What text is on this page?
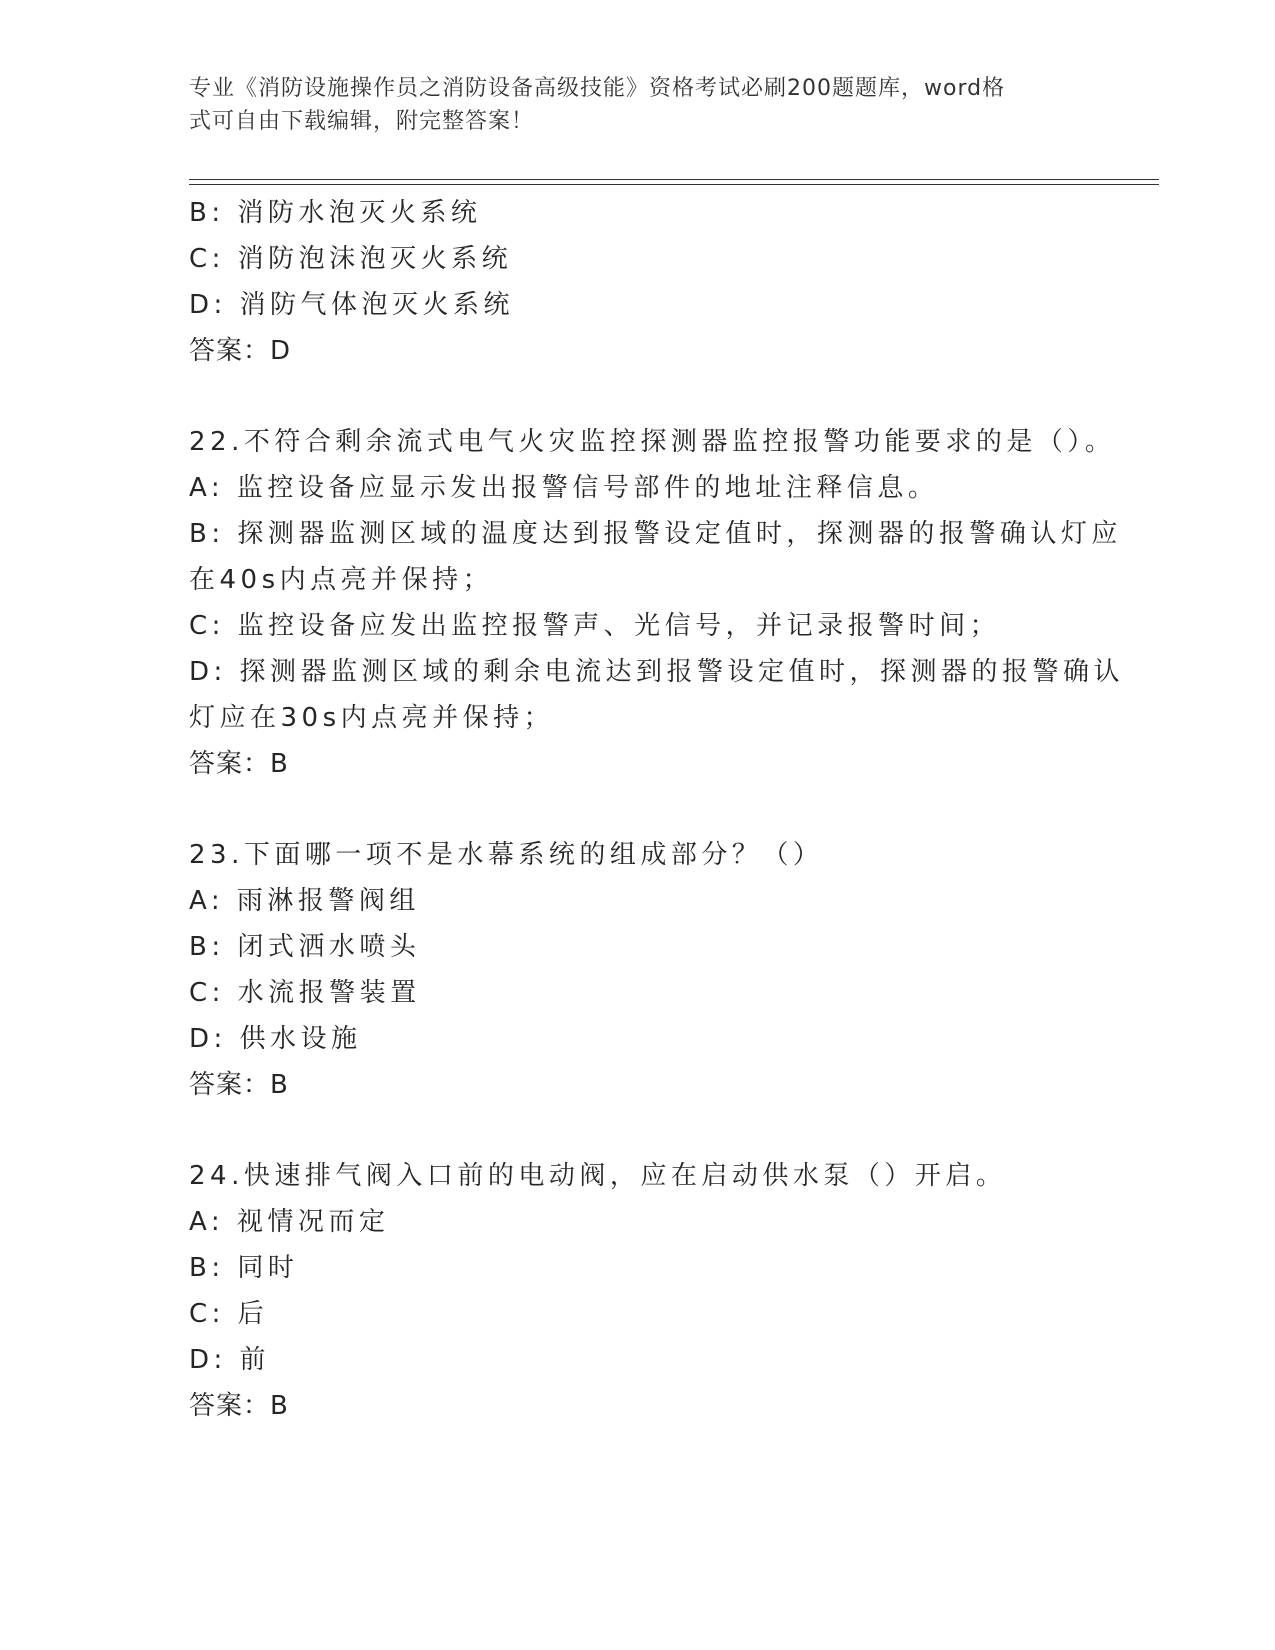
专业《消防设施操作员之消防设备高级技能》资格考试必刷200题题库，word格
式可自由下载编辑，附完整答案！
B: 消防水泡灭火系统
C: 消防泡沫泡灭火系统
D: 消防气体泡灭火系统
答案：D
22.不符合剩余流式电气火灾监控探测器监控报警功能要求的是（）。
A: 监控设备应显示发出报警信号部件的地址注释信息。
B: 探测器监测区域的温度达到报警设定值时，探测器的报警确认灯应
在40s内点亮并保持；
C: 监控设备应发出监控报警声、光信号，并记录报警时间；
D: 探测器监测区域的剩余电流达到报警设定值时，探测器的报警确认
灯应在30s内点亮并保持；
答案：B
23.下面哪一项不是水幕系统的组成部分？（）
A: 雨淋报警阀组
B: 闭式洒水喷头
C: 水流报警装置
D: 供水设施
答案：B
24.快速排气阀入口前的电动阀，应在启动供水泵（）开启。
A: 视情况而定
B: 同时
C: 后
D: 前
答案：B
